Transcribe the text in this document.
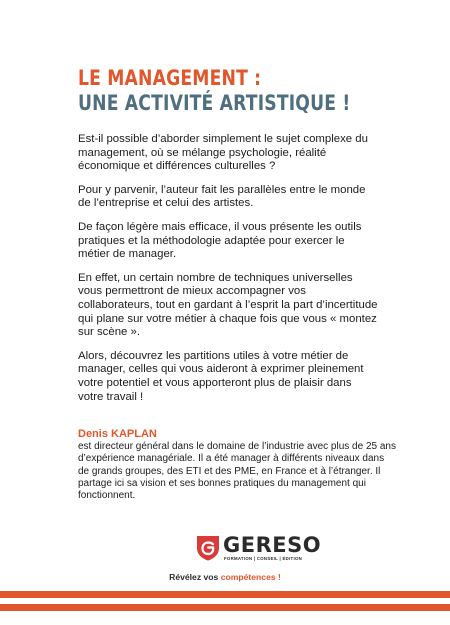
LE MANAGEMENT :
UNE ACTIVITÉ ARTISTIQUE !

Est-il possible d’aborder simplement le sujet complexe du management, où se mélange psychologie, réalité économique et différences culturelles ?

Pour y parvenir, l’auteur fait les parallèles entre le monde de l’entreprise et celui des artistes.

De façon légère mais efficace, il vous présente les outils pratiques et la méthodologie adaptée pour exercer le métier de manager.

En effet, un certain nombre de techniques universelles vous permettront de mieux accompagner vos collaborateurs, tout en gardant à l’esprit la part d’incertitude qui plane sur votre métier à chaque fois que vous « montez sur scène ».

Alors, découvrez les partitions utiles à votre métier de manager, celles qui vous aideront à exprimer pleinement votre potentiel et vous apporteront plus de plaisir dans votre travail !

Denis KAPLAN
est directeur général dans le domaine de l’industrie avec plus de 25 ans d’expérience managériale. Il a été manager à différents niveaux dans de grands groupes, des ETI et des PME, en France et à l’étranger. Il partage ici sa vision et ses bonnes pratiques du management qui fonctionnent.
GERESO
FORMATION | CONSEIL | ÉDITION
Révélez vos compétences !
